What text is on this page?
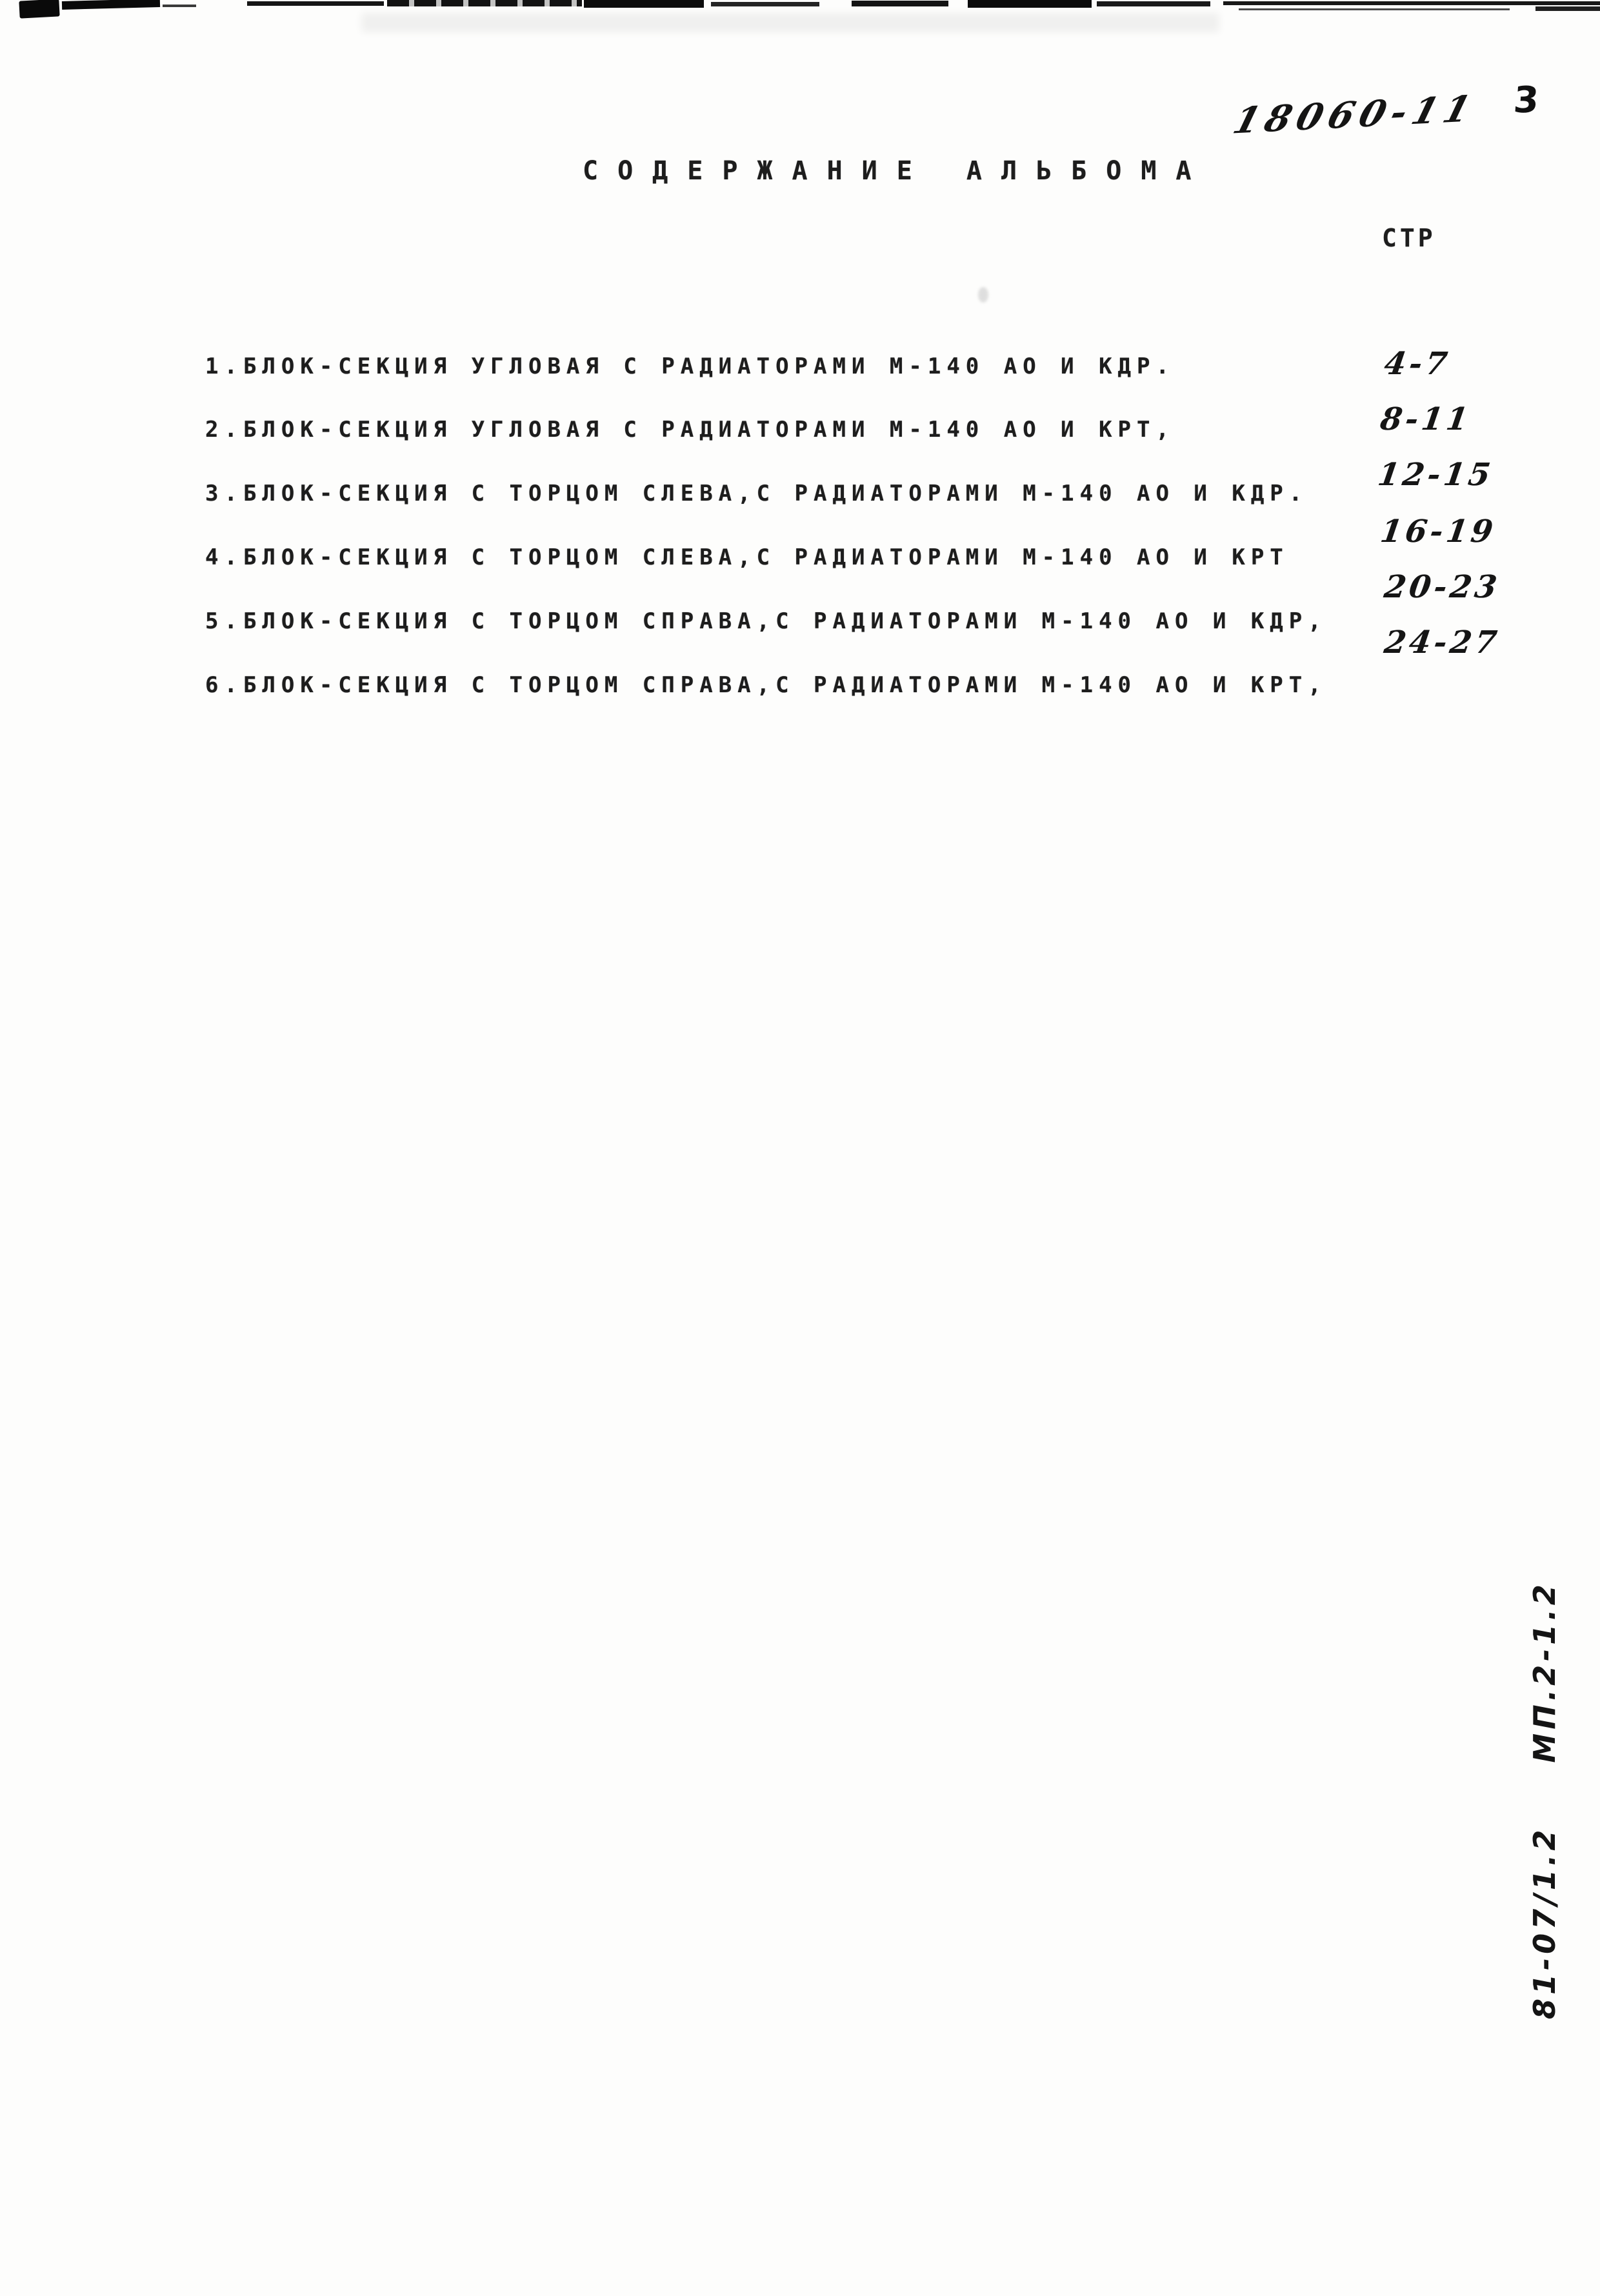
18060-11 3
СОДЕРЖАНИЕ АЛЬБОМА
СТР
1.БЛОК-СЕКЦИЯ УГЛОВАЯ С РАДИАТОРАМИ М-140 АО И КДР.
2.БЛОК-СЕКЦИЯ УГЛОВАЯ С РАДИАТОРАМИ М-140 АО И КРТ,
3.БЛОК-СЕКЦИЯ С ТОРЦОМ СЛЕВА,С РАДИАТОРАМИ М-140 АО И КДР.
4.БЛОК-СЕКЦИЯ С ТОРЦОМ СЛЕВА,С РАДИАТОРАМИ М-140 АО И КРТ
5.БЛОК-СЕКЦИЯ С ТОРЦОМ СПРАВА,С РАДИАТОРАМИ М-140 АО И КДР,
6.БЛОК-СЕКЦИЯ С ТОРЦОМ СПРАВА,С РАДИАТОРАМИ М-140 АО И КРТ,
4-7
8-11
12-15
16-19
20-23
24-27
81-07/1.2
МП.2-1.2
